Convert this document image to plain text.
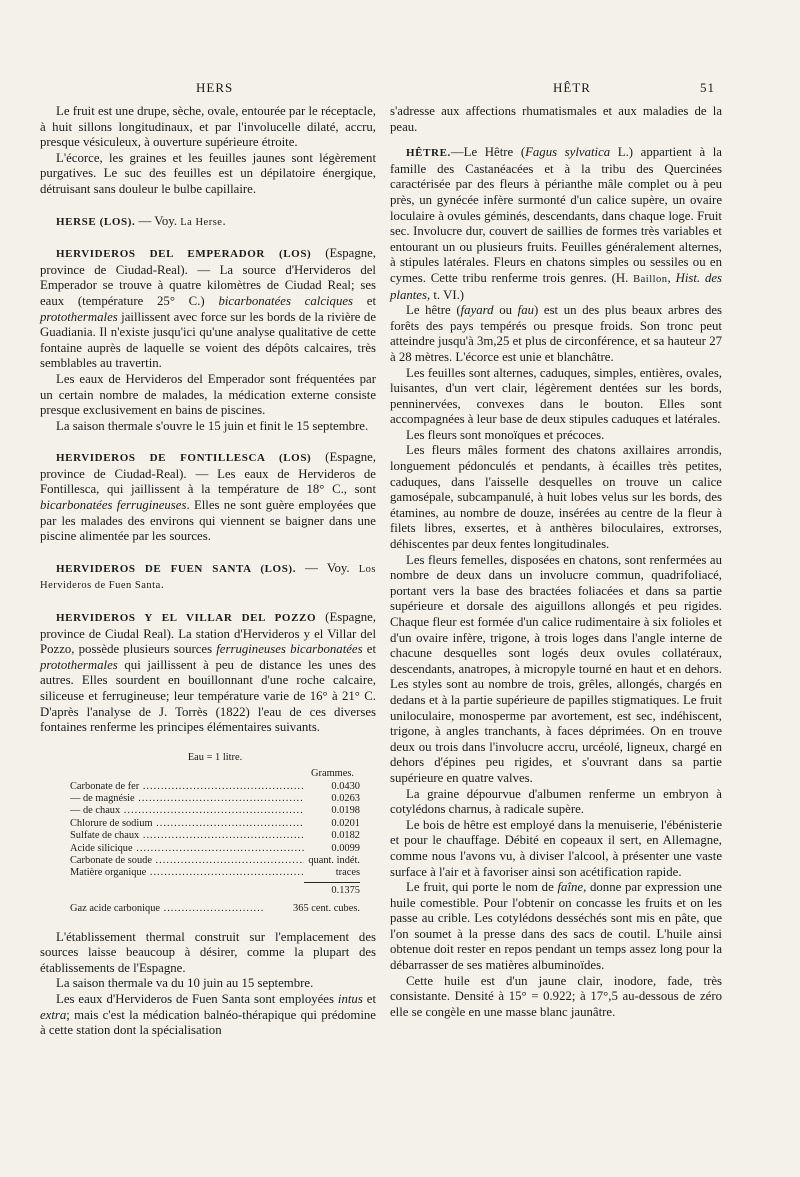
HERS	HÊTR	51

Le fruit est une drupe, sèche, ovale, entourée par le réceptacle, à huit sillons longitudinaux, et par l'involucelle dilaté, accru, presque vésiculeux, à ouverture supérieure étroite.

L'écorce, les graines et les feuilles jaunes sont légèrement purgatives. Le suc des feuilles est un dépilatoire énergique, détruisant sans douleur le bulbe capillaire.

HERSE (LOS). — Voy. La Herse.

HERVIDEROS DEL EMPERADOR (LOS) (Espagne, province de Ciudad-Real). — La source d'Hervideros del Emperador se trouve à quatre kilomètres de Ciudad Real; ses eaux (température 25° C.) bicarbonatées calciques et protothermales jaillissent avec force sur les bords de la rivière de Guadiania. Il n'existe jusqu'ici qu'une analyse qualitative de cette fontaine auprès de laquelle se voient des dépôts calcaires, très semblables au travertin.

Les eaux de Hervideros del Emperador sont fréquentées par un certain nombre de malades, la médication externe consiste presque exclusivement en bains de piscines.

La saison thermale s'ouvre le 15 juin et finit le 15 septembre.

HERVIDEROS DE FONTILLESCA (LOS) (Espagne, province de Ciudad-Real). — Les eaux de Hervideros de Fontillesca, qui jaillissent à la température de 18° C., sont bicarbonatées ferrugineuses. Elles ne sont guère employées que par les malades des environs qui viennent se baigner dans une piscine alimentée par les sources.

HERVIDEROS DE FUEN SANTA (LOS). — Voy. Los Hervideros de Fuen Santa.

HERVIDEROS Y EL VILLAR DEL POZZO (Espagne, province de Ciudal Real). La station d'Hervideros y el Villar del Pozzo, possède plusieurs sources ferrugineuses bicarbonatées et protothermales qui jaillissent à peu de distance les unes des autres. Elles sourdent en bouillonnant d'une roche calcaire, siliceuse et ferrugineuse; leur température varie de 16° à 21° C. D'après l'analyse de J. Torrès (1822) l'eau de ces diverses fontaines renferme les principes élémentaires suivants.

Eau = 1 litre.
Grammes.
Carbonate de fer .....	0.0430
— de magnésie .....	0.0263
— de chaux .....	0.0198
Chlorure de sodium .....	0.0201
Sulfate de chaux .....	0.0182
Acide silicique .....	0.0099
Carbonate de soude .....	quant. indét.
Matière organique .....	traces
0.1375
Gaz acide carbonique .....	365 cent. cubes.

L'établissement thermal construit sur l'emplacement des sources laisse beaucoup à désirer, comme la plupart des établissements de l'Espagne.

La saison thermale va du 10 juin au 15 septembre.

Les eaux d'Hervideros de Fuen Santa sont employées intus et extra; mais c'est la médication balnéo-thérapique qui prédomine à cette station dont la spécialisation

s'adresse aux affections rhumatismales et aux maladies de la peau.

HÊTRE.—Le Hêtre (Fagus sylvatica L.) appartient à la famille des Castanéacées et à la tribu des Quercinées caractérisée par des fleurs à périanthe mâle complet ou à peu près, un gynécée infère surmonté d'un calice supère, un ovaire loculaire à ovules géminés, descendants, dans chaque loge. Fruit sec. Involucre dur, couvert de saillies de formes très variables et entourant un ou plusieurs fruits. Feuilles généralement alternes, à stipules latérales. Fleurs en chatons simples ou sessiles ou en cymes. Cette tribu renferme trois genres. (H. Baillon, Hist. des plantes, t. VI.)

Le hêtre (fayard ou fau) est un des plus beaux arbres des forêts des pays tempérés ou presque froids. Son tronc peut atteindre jusqu'à 3m,25 et plus de circonférence, et sa hauteur 27 à 28 mètres. L'écorce est unie et blanchâtre.

Les feuilles sont alternes, caduques, simples, entières, ovales, luisantes, d'un vert clair, légèrement dentées sur les bords, penninervées, convexes dans le bouton. Elles sont accompagnées à leur base de deux stipules caduques et latérales.

Les fleurs sont monoïques et précoces.

Les fleurs mâles forment des chatons axillaires arrondis, longuement pédonculés et pendants, à écailles très petites, caduques, dans l'aisselle desquelles on trouve un calice gamosépale, subcampanulé, à huit lobes velus sur les bords, des étamines, au nombre de douze, insérées au centre de la fleur à filets libres, exsertes, et à anthères biloculaires, extrorses, déhiscentes par deux fentes longitudinales.

Les fleurs femelles, disposées en chatons, sont renfermées au nombre de deux dans un involucre commun, quadrifoliacé, portant vers la base des bractées foliacées et dans sa partie supérieure et dorsale des aiguillons allongés et peu rigides. Chaque fleur est formée d'un calice rudimentaire à six folioles et d'un ovaire infère, trigone, à trois loges dans l'angle interne de chacune desquelles sont logés deux ovules collatéraux, descendants, anatropes, à micropyle tourné en haut et en dehors. Les styles sont au nombre de trois, grêles, allongés, chargés en dedans et à la partie supérieure de papilles stigmatiques. Le fruit uniloculaire, monosperme par avortement, est sec, indéhiscent, trigone, à angles tranchants, à faces déprimées. On en trouve deux ou trois dans l'involucre accru, urcéolé, ligneux, chargé en dehors d'épines peu rigides, et s'ouvrant dans sa partie supérieure en quatre valves.

La graine dépourvue d'albumen renferme un embryon à cotylédons charnus, à radicale supère.

Le bois de hêtre est employé dans la menuiserie, l'ébénisterie et pour le chauffage. Débité en copeaux il sert, en Allemagne, comme nous l'avons vu, à diviser l'alcool, à présenter une vaste surface à l'air et à favoriser ainsi son acétification rapide.

Le fruit, qui porte le nom de faîne, donne par expression une huile comestible. Pour l'obtenir on concasse les fruits et on les passe au crible. Les cotylédons desséchés sont mis en pâte, que l'on soumet à la presse dans des sacs de coutil. L'huile ainsi obtenue doit rester en repos pendant un temps assez long pour la débarrasser de ses matières albuminoïdes.

Cette huile est d'un jaune clair, inodore, fade, très consistante. Densité à 15° = 0.922; à 17°,5 au-dessous de zéro elle se congèle en une masse blanc jaunâtre.
